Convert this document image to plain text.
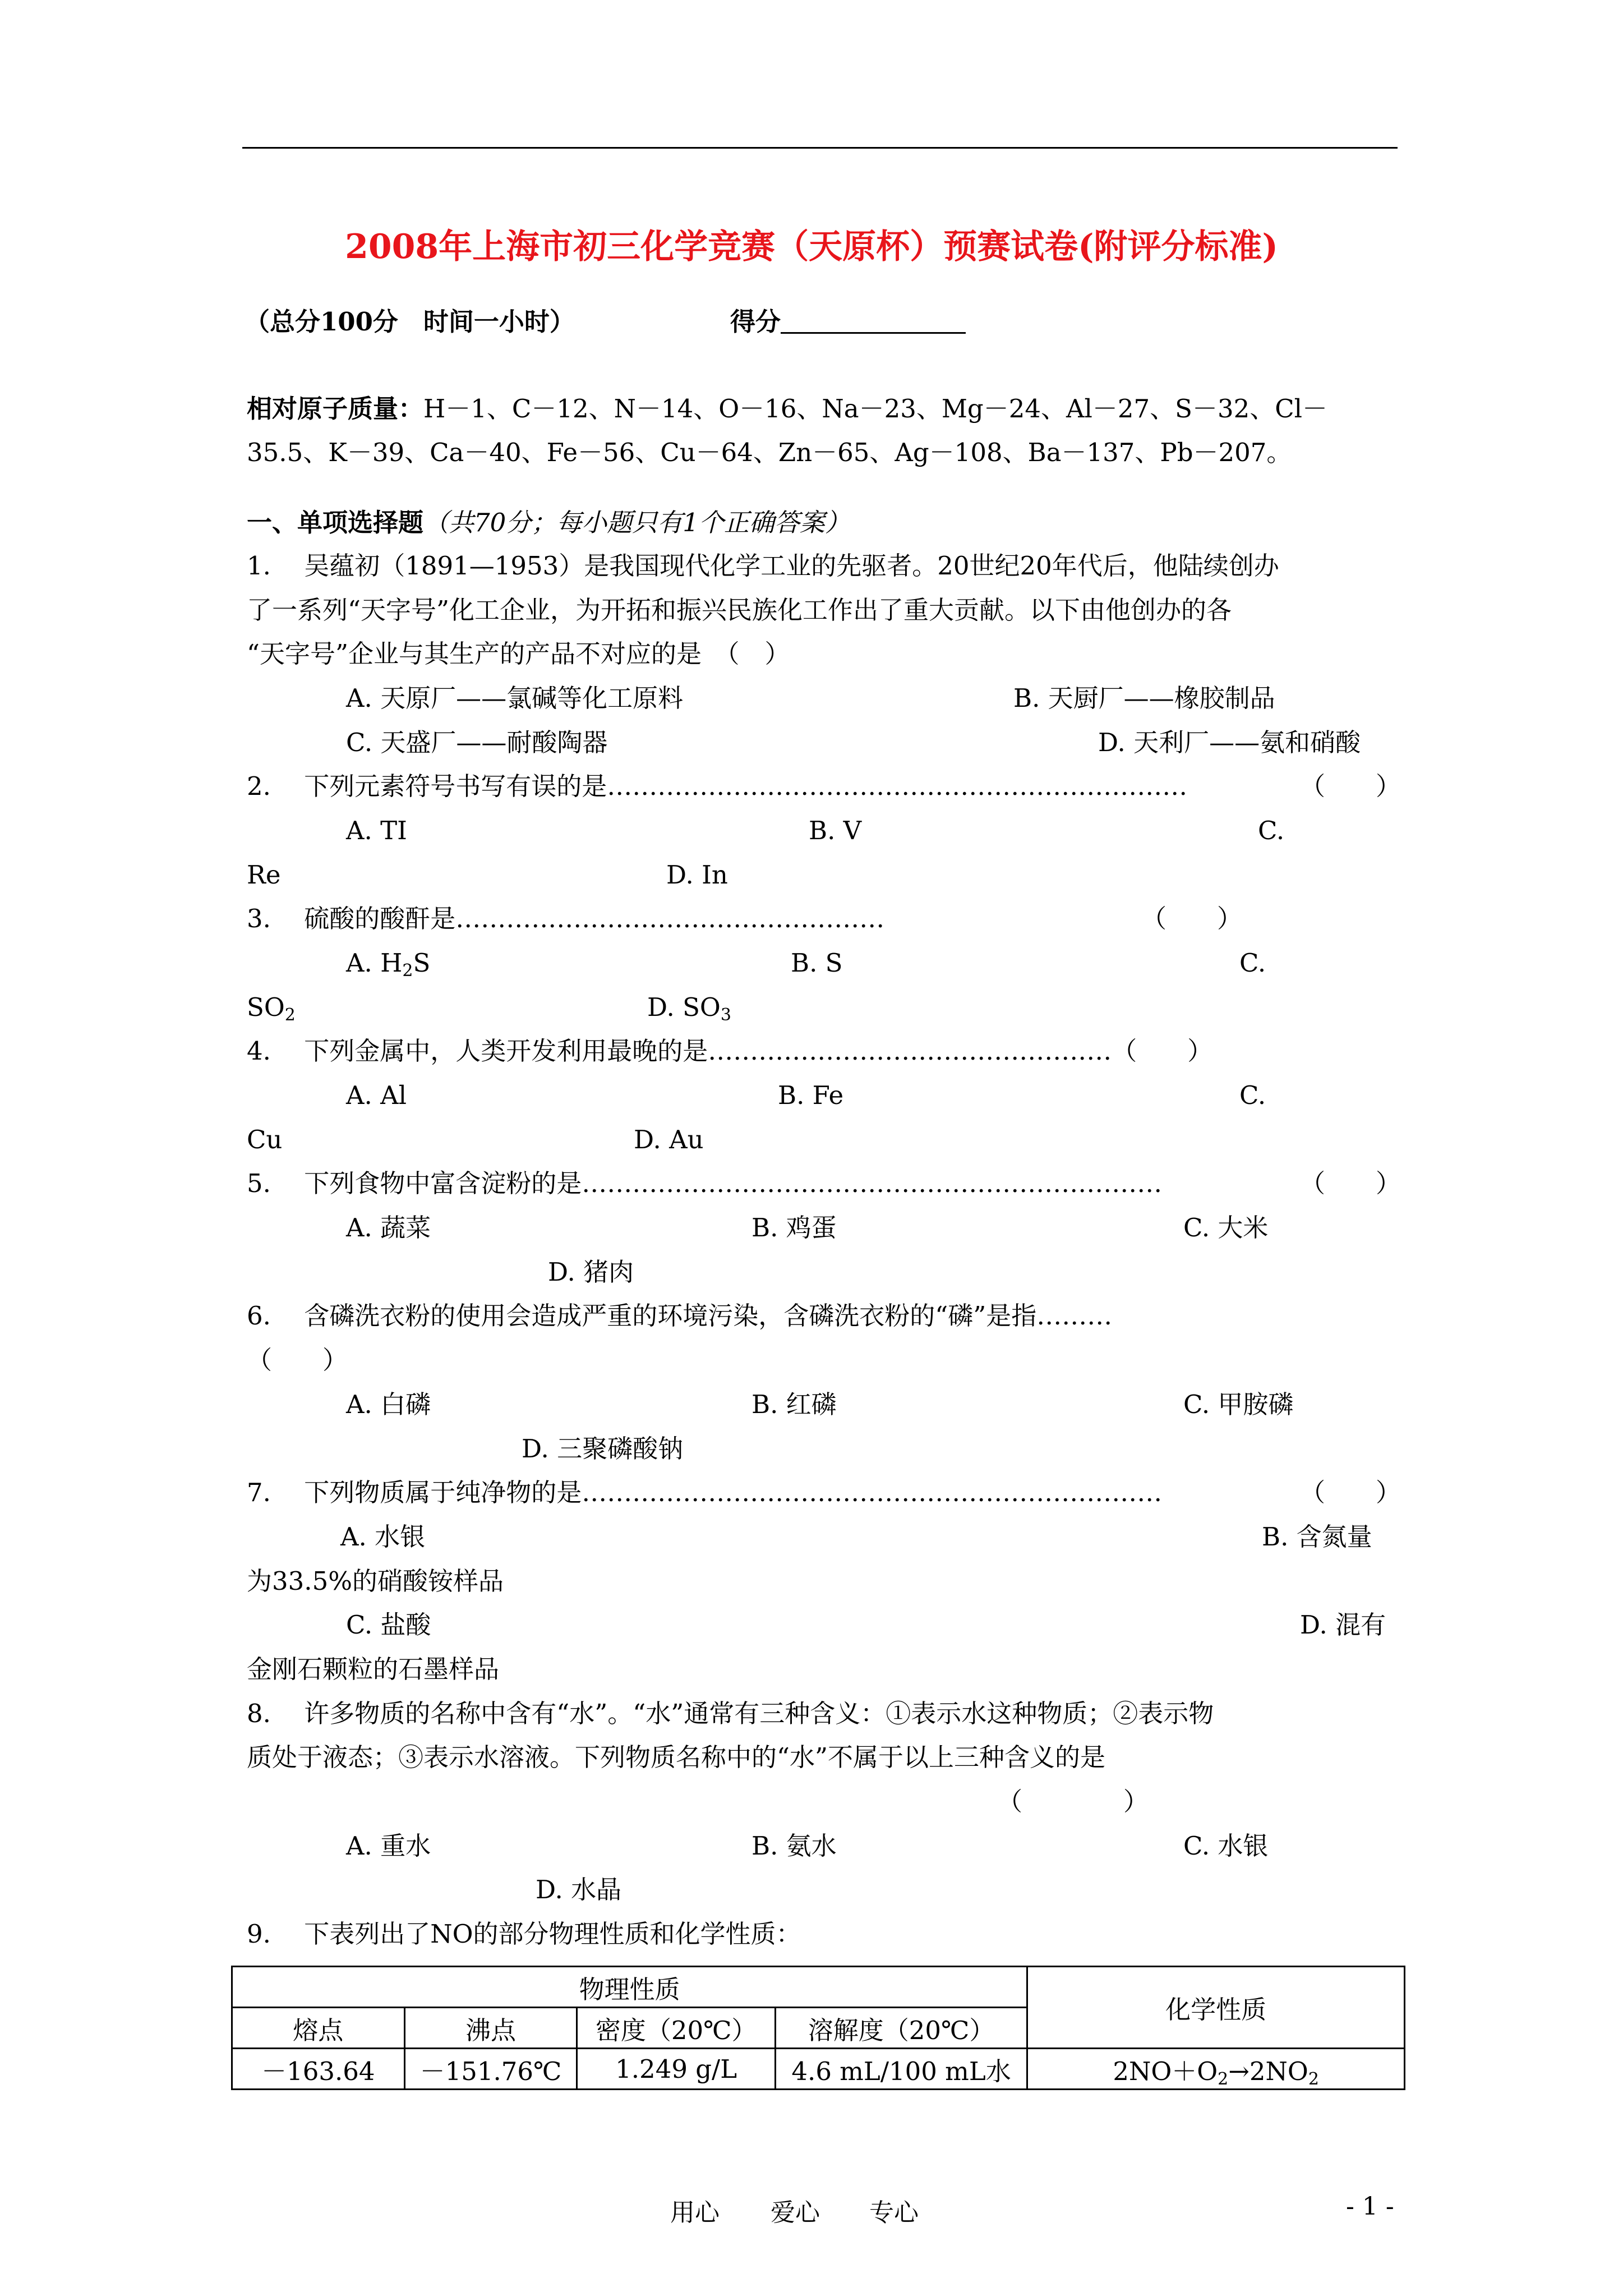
2008年上海市初三化学竞赛（天原杯）预赛试卷(附评分标准)
（总分100分　时间一小时）	得分
相对原子质量：H－1、C－12、N－14、O－16、Na－23、Mg－24、Al－27、S－32、Cl－
35.5、K－39、Ca－40、Fe－56、Cu－64、Zn－65、Ag－108、Ba－137、Pb－207。
一、单项选择题（共70分；每小题只有1个正确答案）
1.　 吴蕴初（1891—1953）是我国现代化学工业的先驱者。20世纪20年代后，他陆续创办
了一系列“天字号”化工企业，为开拓和振兴民族化工作出了重大贡献。以下由他创办的各
“天字号”企业与其生产的产品不对应的是　（　）
A. 天原厂——氯碱等化工原料	B. 天厨厂——橡胶制品
C. 天盛厂——耐酸陶器	D. 天利厂——氨和硝酸
2.　 下列元素符号书写有误的是……………………………………………………………	（　　）
A. TI	B. V	C.
Re	D. In
3.　 硫酸的酸酐是……………………………………………	（　　）
A. $H_2S$	B. S	C.
$SO_2$	D. $SO_3$
4.　 下列金属中，人类开发利用最晚的是…………………………………………（　　）
A. Al	B. Fe	C.
Cu	D. Au
5.　 下列食物中富含淀粉的是……………………………………………………………	（　　）
A. 蔬菜	B. 鸡蛋	C. 大米
D. 猪肉
6.　 含磷洗衣粉的使用会造成严重的环境污染，含磷洗衣粉的“磷”是指………
（　　）
A. 白磷	B. 红磷	C. 甲胺磷
D. 三聚磷酸钠
7.　 下列物质属于纯净物的是……………………………………………………………	（　　）
A. 水银	B. 含氮量
为33.5%的硝酸铵样品
C. 盐酸	D. 混有
金刚石颗粒的石墨样品
8.　 许多物质的名称中含有“水”。“水”通常有三种含义：①表示水这种物质；②表示物
质处于液态；③表示水溶液。下列物质名称中的“水”不属于以上三种含义的是
（　　　　）
A. 重水	B. 氨水	C. 水银
D. 水晶
9.　 下表列出了NO的部分物理性质和化学性质：
物理性质				化学性质
熔点	沸点	密度（20℃）	溶解度（20℃）	
－163.64	－151.76℃	1.249 g/L	4.6 mL/100 mL水	$2NO+O_2\to 2NO_2$
用心 爱心 专心	- 1 -
